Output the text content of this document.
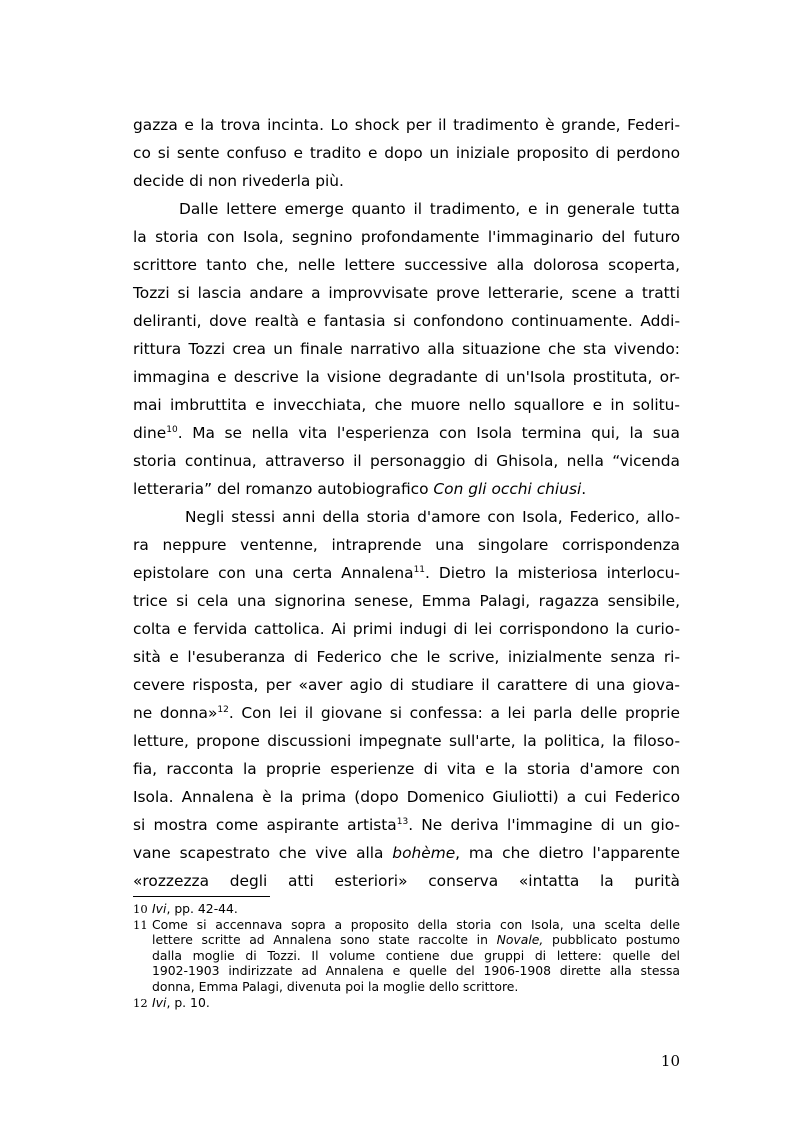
gazza e la trova incinta. Lo shock per il tradimento è grande, Federi-
co si sente confuso e tradito e dopo un iniziale proposito di perdono
decide di non rivederla più.
Dalle lettere emerge quanto il tradimento, e in generale tutta
la storia con Isola, segnino profondamente l'immaginario del futuro
scrittore tanto che, nelle lettere successive alla dolorosa scoperta,
Tozzi si lascia andare a improvvisate prove letterarie, scene a tratti
deliranti, dove realtà e fantasia si confondono continuamente. Addi-
rittura Tozzi crea un finale narrativo alla situazione che sta vivendo:
immagina e descrive la visione degradante di un'Isola prostituta, or-
mai imbruttita e invecchiata, che muore nello squallore e in solitu-
dine$^{10}$. Ma se nella vita l'esperienza con Isola termina qui, la sua
storia continua, attraverso il personaggio di Ghisola, nella “vicenda
letteraria” del romanzo autobiografico Con gli occhi chiusi.
Negli stessi anni della storia d'amore con Isola, Federico, allo-
ra neppure ventenne, intraprende una singolare corrispondenza
epistolare con una certa Annalena$^{11}$. Dietro la misteriosa interlocu-
trice si cela una signorina senese, Emma Palagi, ragazza sensibile,
colta e fervida cattolica. Ai primi indugi di lei corrispondono la curio-
sità e l'esuberanza di Federico che le scrive, inizialmente senza ri-
cevere risposta, per «aver agio di studiare il carattere di una giova-
ne donna»$^{12}$. Con lei il giovane si confessa: a lei parla delle proprie
letture, propone discussioni impegnate sull'arte, la politica, la filoso-
fia, racconta la proprie esperienze di vita e la storia d'amore con
Isola. Annalena è la prima (dopo Domenico Giuliotti) a cui Federico
si mostra come aspirante artista$^{13}$. Ne deriva l'immagine di un gio-
vane scapestrato che vive alla bohème, ma che dietro l'apparente
«rozzezza degli atti esteriori» conserva «intatta la purità
10 Ivi, pp. 42-44.
11 Come si accennava sopra a proposito della storia con Isola, una scelta delle
lettere scritte ad Annalena sono state raccolte in Novale, pubblicato postumo
dalla moglie di Tozzi. Il volume contiene due gruppi di lettere: quelle del
1902-1903 indirizzate ad Annalena e quelle del 1906-1908 dirette alla stessa
donna, Emma Palagi, divenuta poi la moglie dello scrittore.
12 Ivi, p. 10.
10
